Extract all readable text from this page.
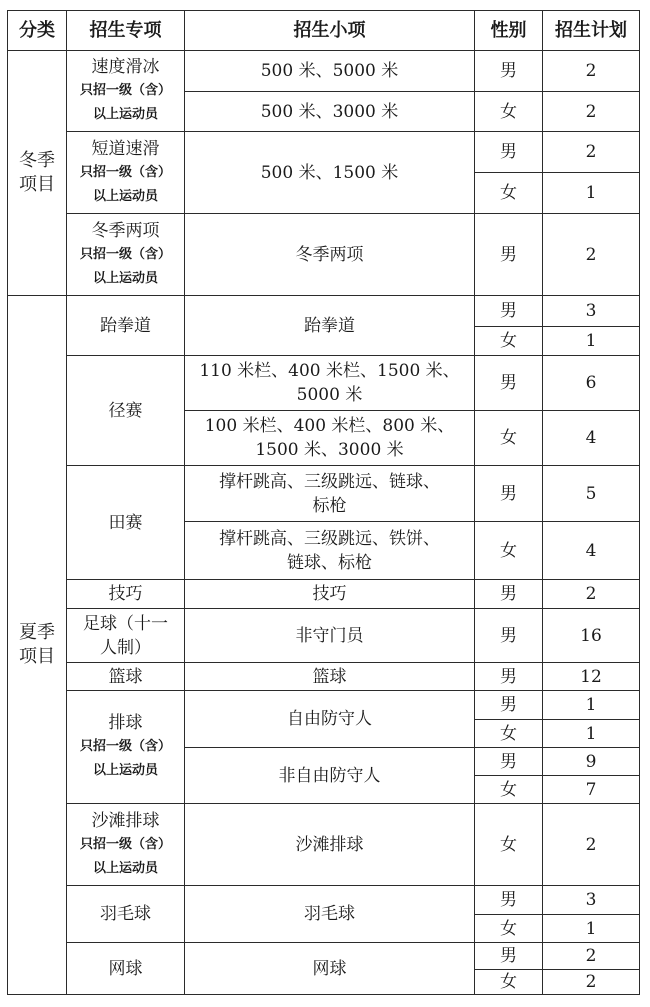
分类	招生专项	招生小项	性别	招生计划

冬季
项目	速度滑冰
只招一级（含）
以上运动员	500 米、5000 米	男	2
		500 米、3000 米	女	2

	短道速滑
只招一级（含）
以上运动员	500 米、1500 米	男	2
			女	1

	冬季两项
只招一级（含）
以上运动员	冬季两项	男	2

夏季
项目	跆拳道	跆拳道	男	3
			女	1
	径赛	110 米栏、400 米栏、1500 米、
5000 米	男	6

		100 米栏、400 米栏、800 米、
1500 米、3000 米	女	4
	田赛	撑杆跳高、三级跳远、链球、
标枪	男	5

		撑杆跳高、三级跳远、铁饼、
链球、标枪	女	4
	技巧	技巧	男	2

	足球（十一
人制）	非守门员	男	16
	篮球	篮球	男	12

	排球
只招一级（含）
以上运动员	自由防守人	男	1
			女	1
		非自由防守人	男	9
			女	7

	沙滩排球
只招一级（含）
以上运动员	沙滩排球	女	2
	羽毛球	羽毛球	男	3
			女	1
	网球	网球	男	2
			女	2
